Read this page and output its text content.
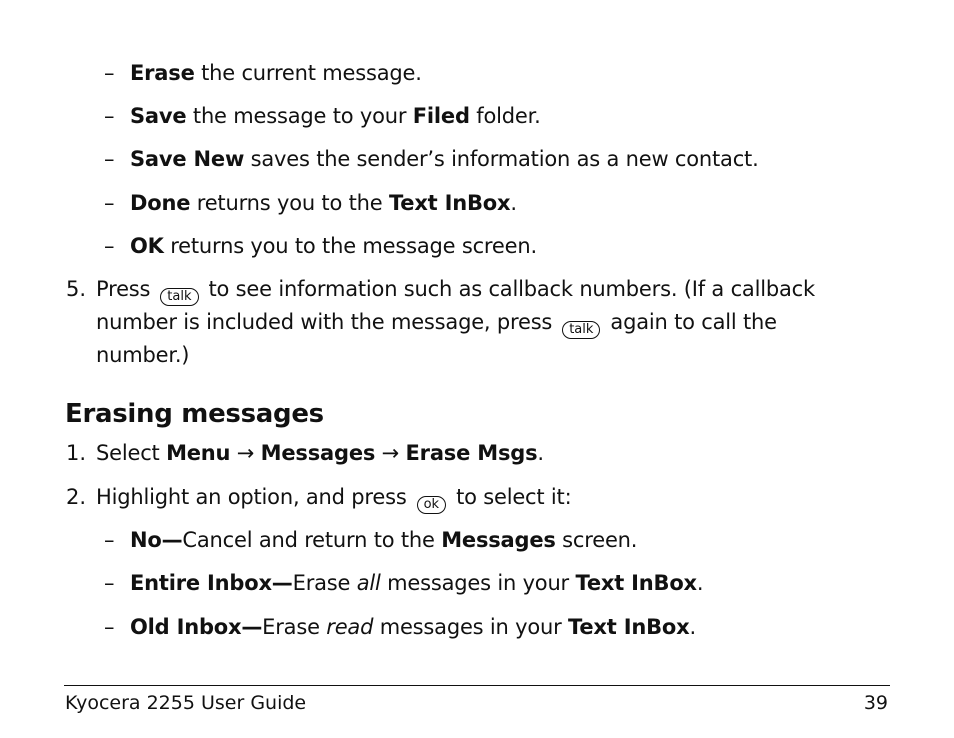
– Erase the current message.
– Save the message to your Filed folder.
– Save New saves the sender’s information as a new contact.
– Done returns you to the Text InBox.
– OK returns you to the message screen.
5. Press talk to see information such as callback numbers. (If a callback
number is included with the message, press talk again to call the
number.)
Erasing messages
1. Select Menu → Messages → Erase Msgs.
2. Highlight an option, and press ok to select it:
– No—Cancel and return to the Messages screen.
– Entire Inbox—Erase all messages in your Text InBox.
– Old Inbox—Erase read messages in your Text InBox.
Kyocera 2255 User Guide	39
